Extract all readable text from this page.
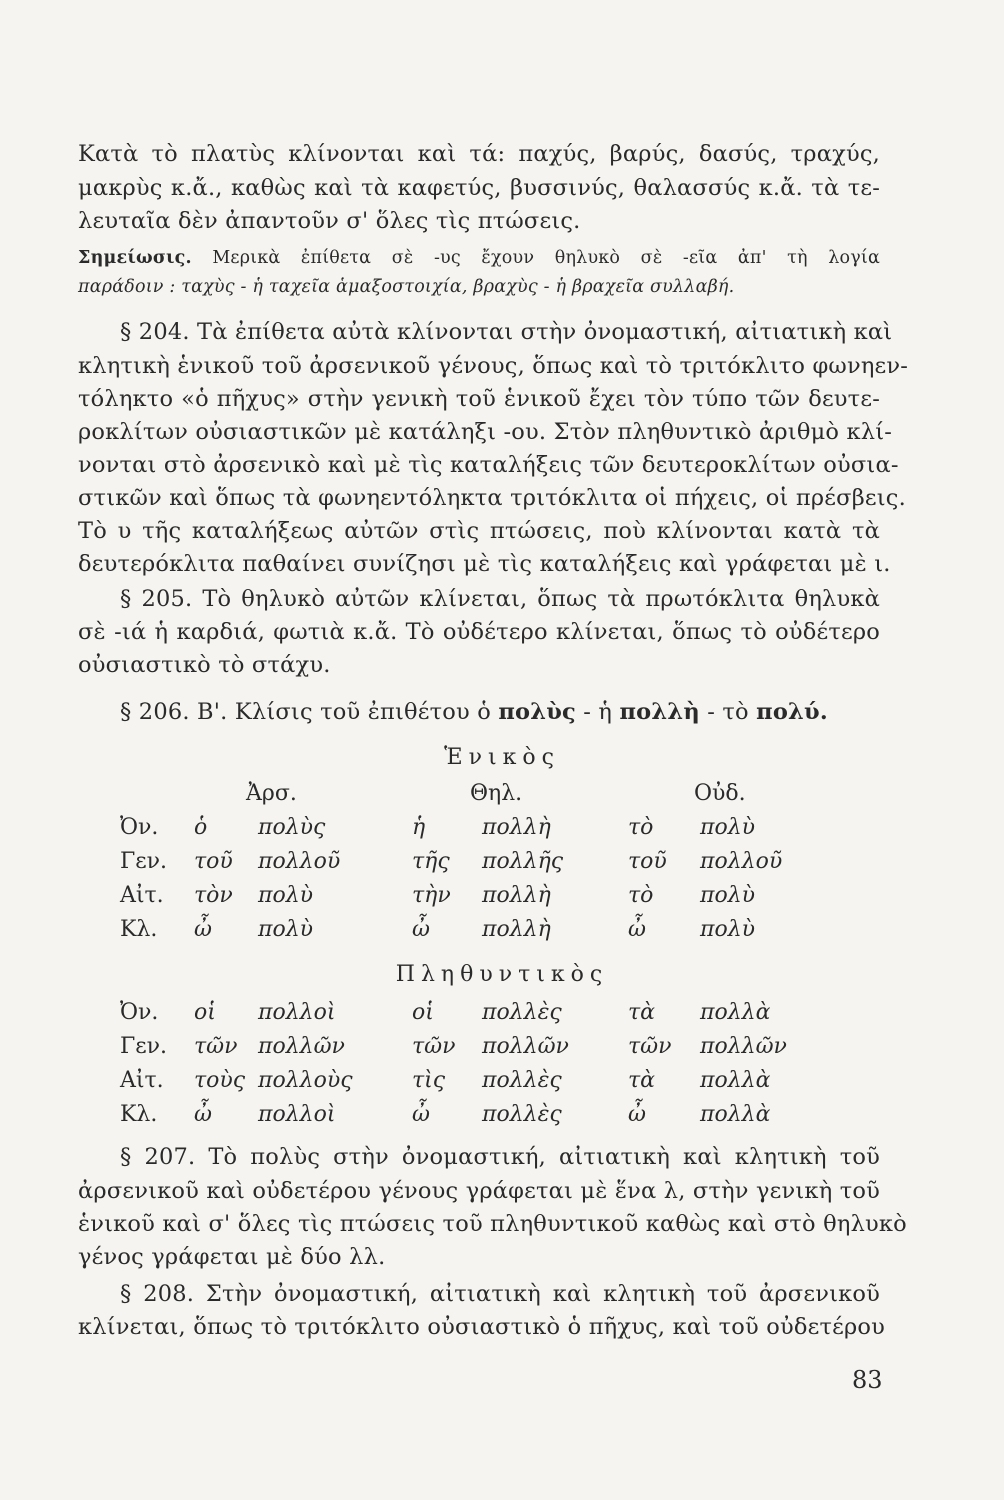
Κατὰ τὸ πλατὺς κλίνονται καὶ τά: παχύς, βαρύς, δασύς, τραχύς,
μακρὺς κ.ἄ., καθὼς καὶ τὰ καφετύς, βυσσινύς, θαλασσύς κ.ἄ. τὰ τε-
λευταῖα δὲν ἀπαντοῦν σ' ὅλες τὶς πτώσεις.
Σημείωσις. Μερικὰ ἐπίθετα σὲ -υς ἔχουν θηλυκὸ σὲ -εῖα ἀπ' τὴ λογία
παράδοιν : ταχὺς - ἡ ταχεῖα ἁμαξοστοιχία, βραχὺς - ἡ βραχεῖα συλλαβή.
§ 204. Τὰ ἐπίθετα αὐτὰ κλίνονται στὴν ὀνομαστική, αἰτιατικὴ καὶ
κλητικὴ ἑνικοῦ τοῦ ἀρσενικοῦ γένους, ὅπως καὶ τὸ τριτόκλιτο φωνηεν-
τόληκτο «ὁ πῆχυς» στὴν γενικὴ τοῦ ἑνικοῦ ἔχει τὸν τύπο τῶν δευτε-
ροκλίτων οὐσιαστικῶν μὲ κατάληξι -ου. Στὸν πληθυντικὸ ἀριθμὸ κλί-
νονται στὸ ἀρσενικὸ καὶ μὲ τὶς καταλήξεις τῶν δευτεροκλίτων οὐσια-
στικῶν καὶ ὅπως τὰ φωνηεντόληκτα τριτόκλιτα οἱ πήχεις, οἱ πρέσβεις.
Τὸ υ τῆς καταλήξεως αὐτῶν στὶς πτώσεις, ποὺ κλίνονται κατὰ τὰ
δευτερόκλιτα παθαίνει συνίζησι μὲ τὶς καταλήξεις καὶ γράφεται μὲ ι.
§ 205. Τὸ θηλυκὸ αὐτῶν κλίνεται, ὅπως τὰ πρωτόκλιτα θηλυκὰ
σὲ -ιά ἡ καρδιά, φωτιὰ κ.ἄ. Τὸ οὐδέτερο κλίνεται, ὅπως τὸ οὐδέτερο
οὐσιαστικὸ τὸ στάχυ.
§ 206. Β'. Κλίσις τοῦ ἐπιθέτου ὁ πολὺς - ἡ πολλὴ - τὸ πολύ.
Ἑνικὸς
Ἀρσ.	Θηλ.	Οὐδ.
Ὀν. ὁ πολὺς	ἡ	πολλὴ	τὸ πολὺ
Γεν. τοῦ πολλοῦ	τῆς πολλῆς	τοῦ πολλοῦ
Αἰτ. τὸν πολὺ	τὴν πολλὴ	τὸ πολὺ
Κλ. ὦ πολὺ	ὦ πολλὴ	ὦ πολὺ
Πληθυντικὸς
Ὀν. οἱ πολλοὶ	οἱ πολλὲς	τὰ πολλὰ
Γεν. τῶν πολλῶν	τῶν πολλῶν	τῶν πολλῶν
Αἰτ. τοὺς πολλοὺς	τὶς πολλὲς	τὰ πολλὰ
Κλ. ὦ πολλοὶ	ὦ πολλὲς	ὦ πολλὰ
§ 207. Τὸ πολὺς στὴν ὀνομαστική, αἰτιατικὴ καὶ κλητικὴ τοῦ
ἀρσενικοῦ καὶ οὐδετέρου γένους γράφεται μὲ ἕνα λ, στὴν γενικὴ τοῦ
ἑνικοῦ καὶ σ' ὅλες τὶς πτώσεις τοῦ πληθυντικοῦ καθὼς καὶ στὸ θηλυκὸ
γένος γράφεται μὲ δύο λλ.
§ 208. Στὴν ὀνομαστική, αἰτιατικὴ καὶ κλητικὴ τοῦ ἀρσενικοῦ
κλίνεται, ὅπως τὸ τριτόκλιτο οὐσιαστικὸ ὁ πῆχυς, καὶ τοῦ οὐδετέρου
83
